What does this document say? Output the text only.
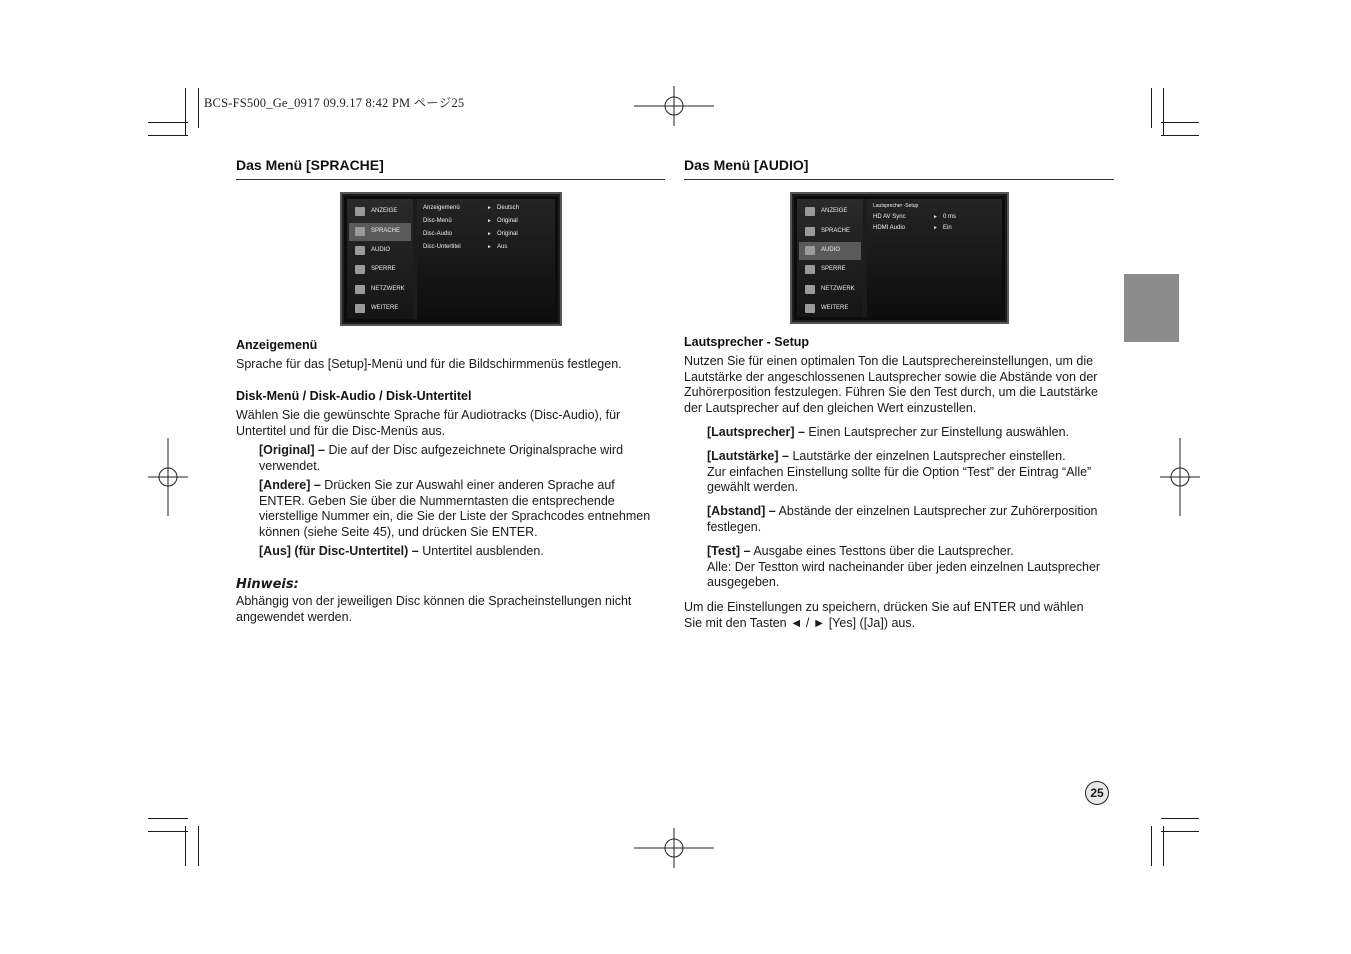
BCS-FS500_Ge_0917 09.9.17 8:42 PM ページ25
Das Menü [SPRACHE]
ANZEIGE
SPRACHE
AUDIO
SPERRE
NETZWERK
WEITERE
Anzeigemenü	► Deutsch
Disc-Menü	► Original
Disc-Audio	► Original
Disc-Untertitel	► Aus
Anzeigemenü
Sprache für das [Setup]-Menü und für die Bildschirmmenüs festlegen.
Disk-Menü / Disk-Audio / Disk-Untertitel
Wählen Sie die gewünschte Sprache für Audiotracks (Disc-Audio), für
Untertitel und für die Disc-Menüs aus.
[Original] – Die auf der Disc aufgezeichnete Originalsprache wird
verwendet.
[Andere] – Drücken Sie zur Auswahl einer anderen Sprache auf
ENTER. Geben Sie über die Nummerntasten die entsprechende
vierstellige Nummer ein, die Sie der Liste der Sprachcodes entnehmen
können (siehe Seite 45), und drücken Sie ENTER.
[Aus] (für Disc-Untertitel) – Untertitel ausblenden.
Hinweis:
Abhängig von der jeweiligen Disc können die Spracheinstellungen nicht
angewendet werden.
Das Menü [AUDIO]
ANZEIGE
SPRACHE
AUDIO
SPERRE
NETZWERK
WEITERE
Lautsprecher -Setup
HD AV Sync	► 0 ms
HDMI Audio	► Ein
Lautsprecher - Setup
Nutzen Sie für einen optimalen Ton die Lautsprechereinstellungen, um die
Lautstärke der angeschlossenen Lautsprecher sowie die Abstände von der
Zuhörerposition festzulegen. Führen Sie den Test durch, um die Lautstärke
der Lautsprecher auf den gleichen Wert einzustellen.
[Lautsprecher] – Einen Lautsprecher zur Einstellung auswählen.
[Lautstärke] – Lautstärke der einzelnen Lautsprecher einstellen.
Zur einfachen Einstellung sollte für die Option “Test” der Eintrag “Alle”
gewählt werden.
[Abstand] – Abstände der einzelnen Lautsprecher zur Zuhörerposition
festlegen.
[Test] – Ausgabe eines Testtons über die Lautsprecher.
Alle: Der Testton wird nacheinander über jeden einzelnen Lautsprecher
ausgegeben.
Um die Einstellungen zu speichern, drücken Sie auf ENTER und wählen
Sie mit den Tasten ◄ / ► [Yes] ([Ja]) aus.
25
